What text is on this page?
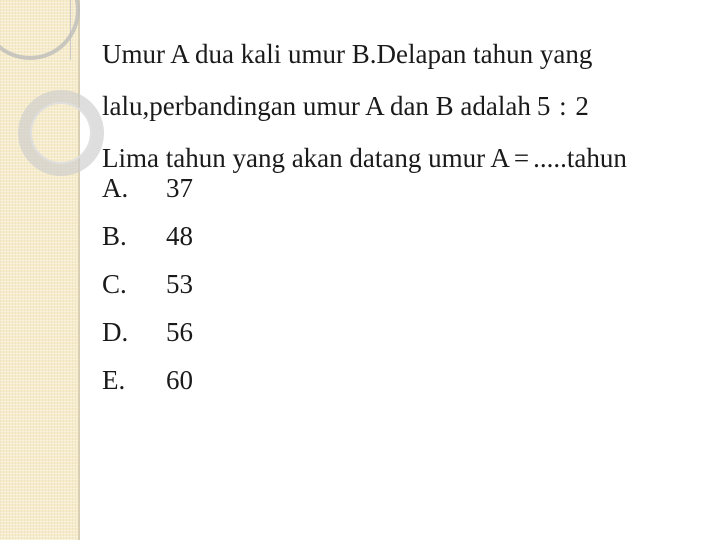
Umur A dua kali umur B.Delapan tahun yang
lalu,perbandingan umur A dan B adalah 5 : 2
Lima tahun yang akan datang umur A = .....tahun
A.	37
B.	48
C.	53
D.	56
E.	60
